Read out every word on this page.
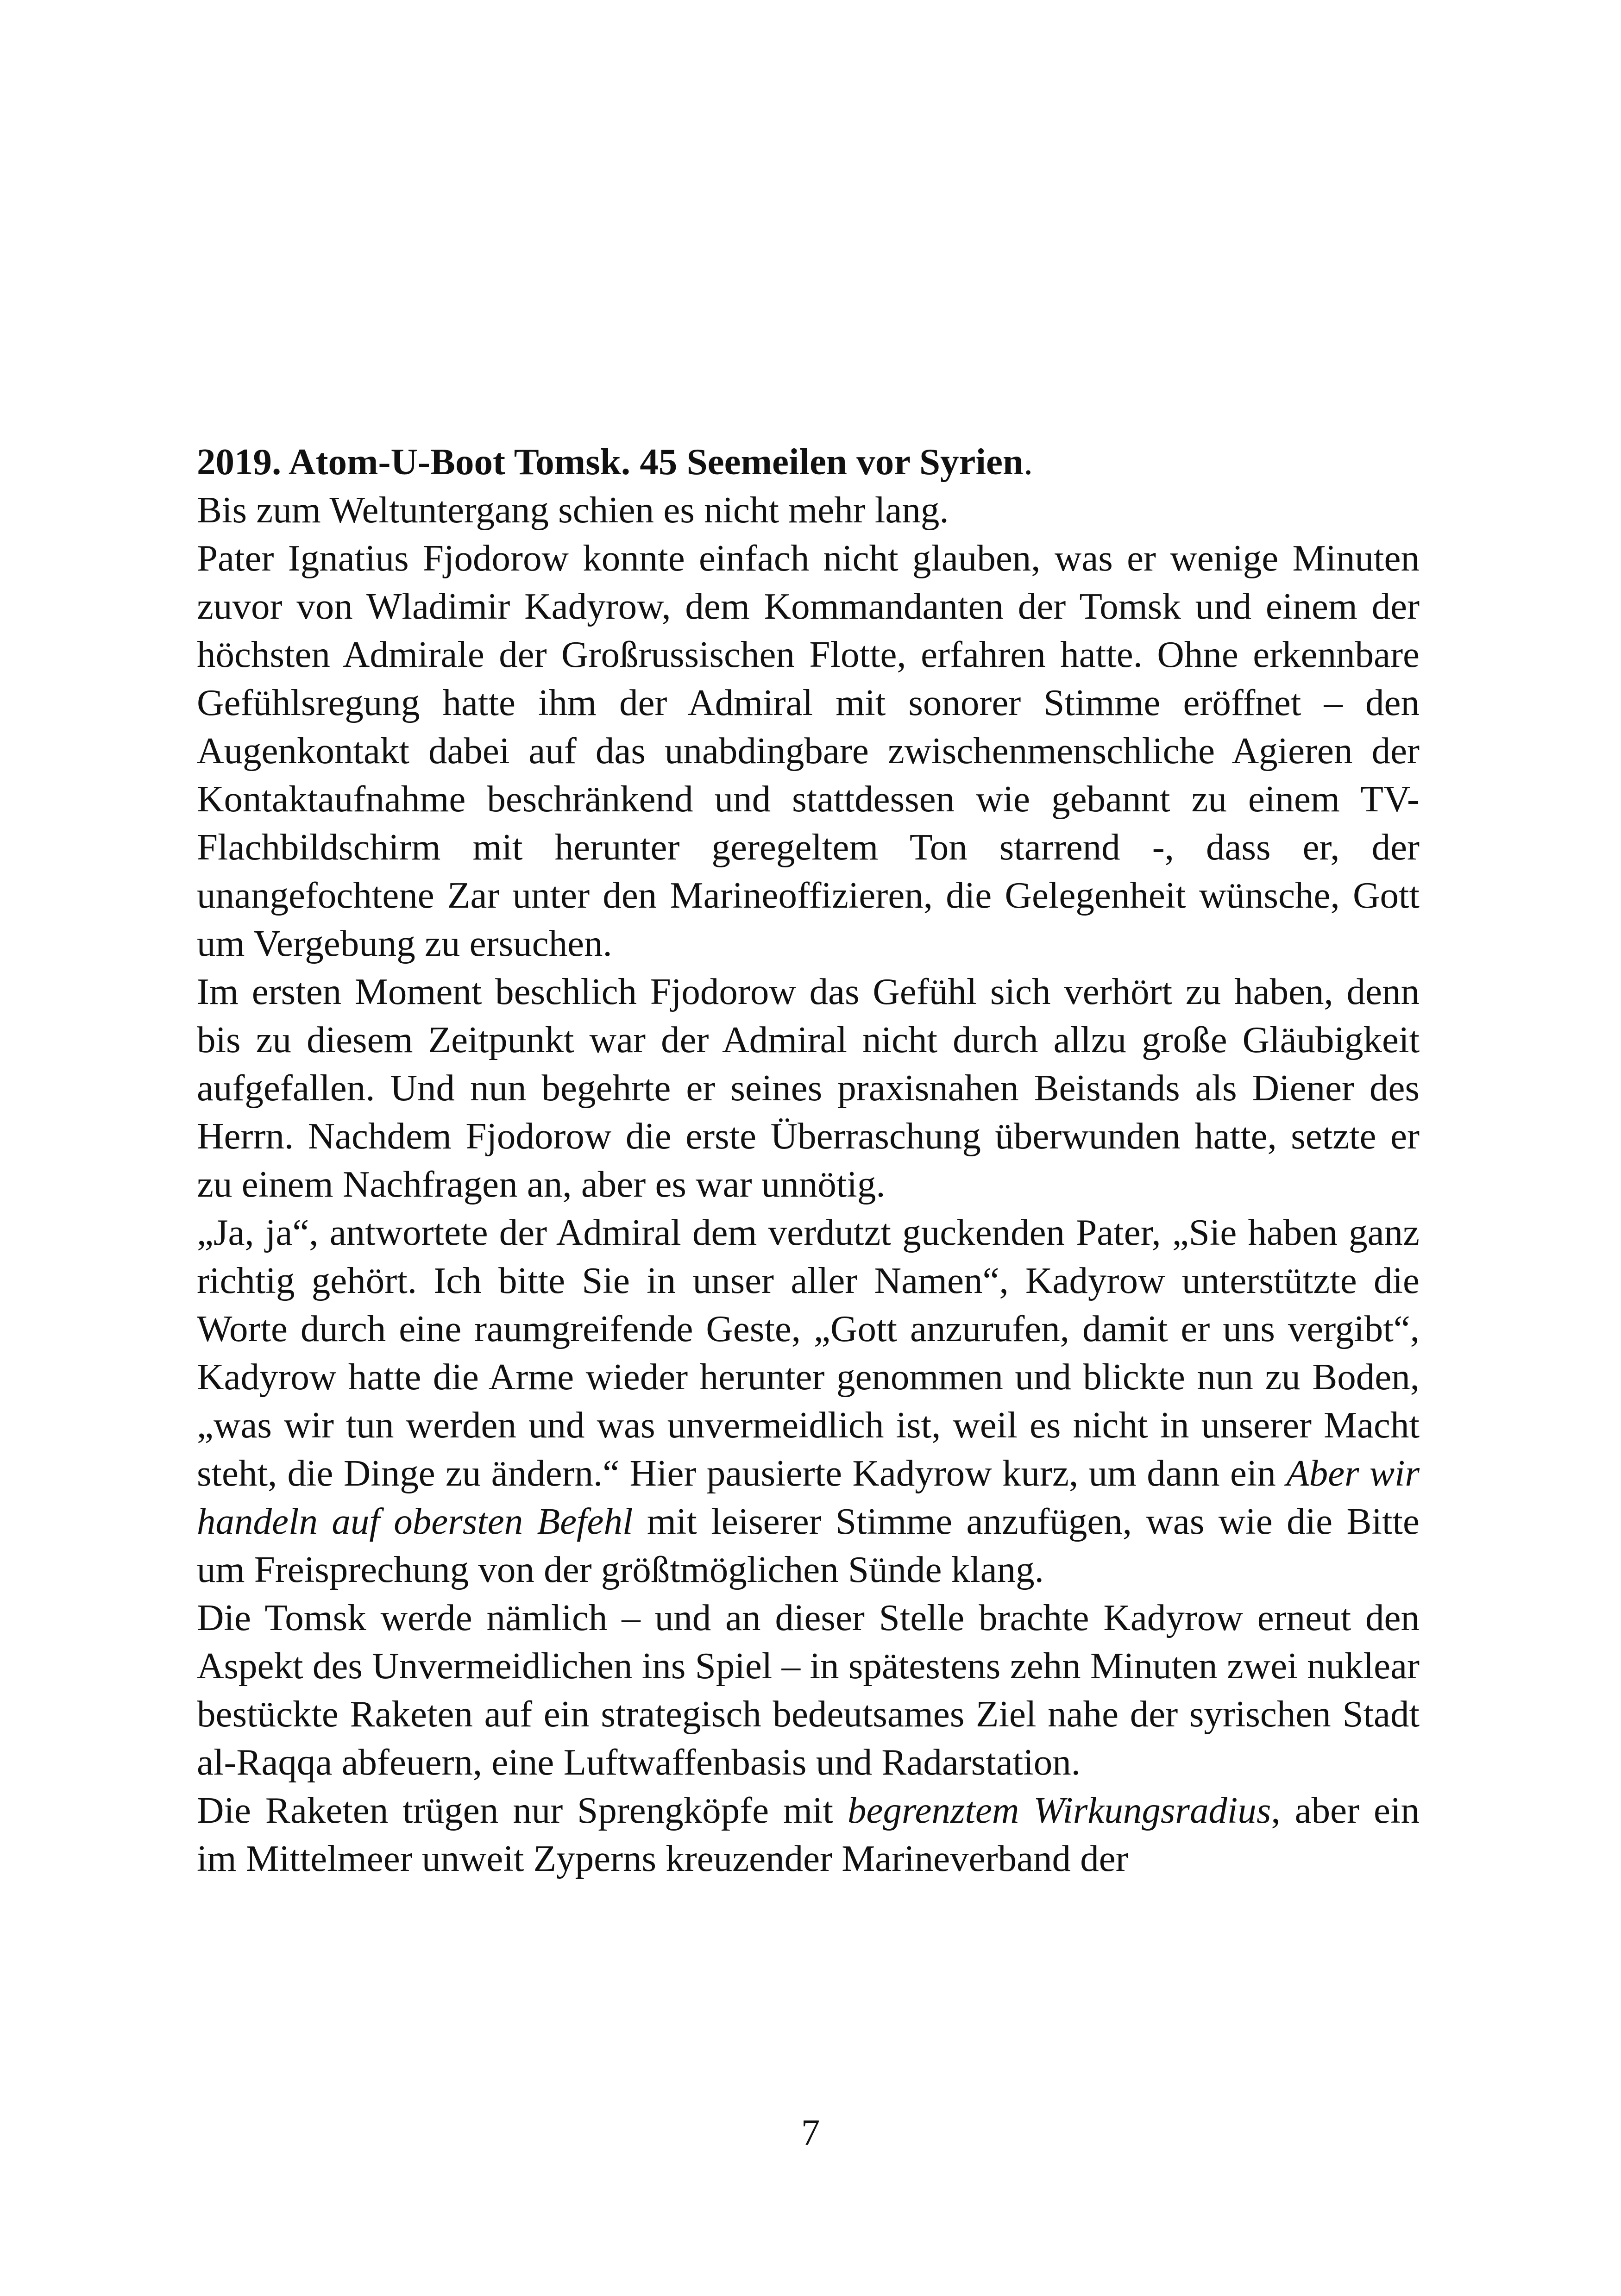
2019. Atom-U-Boot Tomsk. 45 Seemeilen vor Syrien.

Bis zum Weltuntergang schien es nicht mehr lang.

Pater Ignatius Fjodorow konnte einfach nicht glauben, was er wenige Minuten zuvor von Wladimir Kadyrow, dem Kommandanten der Tomsk und einem der höchsten Admirale der Großrussischen Flotte, erfahren hatte. Ohne erkennbare Gefühlsregung hatte ihm der Admiral mit sonorer Stimme eröffnet – den Augenkontakt dabei auf das unabdingbare zwischenmenschliche Agieren der Kontaktaufnahme beschränkend und stattdessen wie gebannt zu einem TV-Flachbildschirm mit herunter geregeltem Ton starrend -, dass er, der unangefochtene Zar unter den Marineoffizieren, die Gelegenheit wünsche, Gott um Vergebung zu ersuchen.

Im ersten Moment beschlich Fjodorow das Gefühl sich verhört zu haben, denn bis zu diesem Zeitpunkt war der Admiral nicht durch allzu große Gläubigkeit aufgefallen. Und nun begehrte er seines praxisnahen Beistands als Diener des Herrn. Nachdem Fjodorow die erste Überraschung überwunden hatte, setzte er zu einem Nachfragen an, aber es war unnötig.

„Ja, ja“, antwortete der Admiral dem verdutzt guckenden Pater, „Sie haben ganz richtig gehört. Ich bitte Sie in unser aller Namen“, Kadyrow unterstützte die Worte durch eine raumgreifende Geste, „Gott anzurufen, damit er uns vergibt“, Kadyrow hatte die Arme wieder herunter genommen und blickte nun zu Boden, „was wir tun werden und was unvermeidlich ist, weil es nicht in unserer Macht steht, die Dinge zu ändern.“ Hier pausierte Kadyrow kurz, um dann ein Aber wir handeln auf obersten Befehl mit leiserer Stimme anzufügen, was wie die Bitte um Freisprechung von der größtmöglichen Sünde klang.

Die Tomsk werde nämlich – und an dieser Stelle brachte Kadyrow erneut den Aspekt des Unvermeidlichen ins Spiel – in spätestens zehn Minuten zwei nuklear bestückte Raketen auf ein strategisch bedeutsames Ziel nahe der syrischen Stadt al-Raqqa abfeuern, eine Luftwaffenbasis und Radarstation.

Die Raketen trügen nur Sprengköpfe mit begrenztem Wirkungsradius, aber ein im Mittelmeer unweit Zyperns kreuzender Marineverband der

7
